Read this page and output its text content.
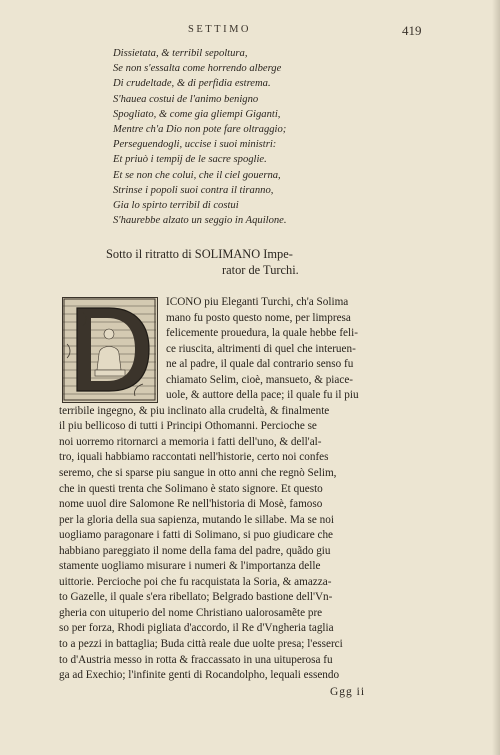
SETTIMO	419
Dissietata, & terribil sepoltura,
Se non s'essalta come horrendo alberge
Di crudeltade, & di perfidia estrema.
S'hauea costui de l'animo benigno
Spogliato, & come gia gliempi Giganti,
Mentre ch'a Dio non pote fare oltraggio;
Perseguendogli, uccise i suoi ministri:
Et priuò i tempij de le sacre spoglie.
Et se non che colui, che il ciel gouerna,
Strinse i popoli suoi contra il tiranno,
Gia lo spirto terribil di costui
S'haurebbe alzato un seggio in Aquilone.
Sotto il ritratto di SOLIMANO Impe-
rator de Turchi.
ICONO piu Eleganti Turchi, ch'a Solima
mano fu posto questo nome, per limpresa
felicemente prouedura, la quale hebbe feli-
ce riuscita, altrimenti di quel che interuen-
ne al padre, il quale dal contrario senso fu
chiamato Selim, cioè, mansueto, & piace-
uole, & auttore della pace; il quale fu il piu
terribile ingegno, & piu inclinato alla crudeltà, & finalmente
il piu bellicoso di tutti i Principi Othomanni. Percioche se
noi uorremo ritornarci a memoria i fatti dell'uno, & dell'al-
tro, iquali habbiamo raccontati nell'historie, certo noi confes
seremo, che si sparse piu sangue in otto anni che regnò Selim,
che in questi trenta che Solimano è stato signore. Et questo
nome uuol dire Salomone Re nell'historia di Mosè, famoso
per la gloria della sua sapienza, mutando le sillabe. Ma se noi
uogliamo paragonare i fatti di Solimano, si puo giudicare che
habbiano pareggiato il nome della fama del padre, quãdo giu
stamente uogliamo misurare i numeri & l'importanza delle
uittorie. Percioche poi che fu racquistata la Soria, & amazza-
to Gazelle, il quale s'era ribellato; Belgrado bastione dell'Vn-
gheria con uituperio del nome Christiano ualorosamẽte pre
so per forza, Rhodi pigliata d'accordo, il Re d'Vngheria taglia
to a pezzi in battaglia; Buda città reale due uolte presa; l'esserci
to d'Austria messo in rotta & fraccassato in una uituperosa fu
ga ad Exechio; l'infinite genti di Rocandolpho, lequali essendo
Ggg ii
